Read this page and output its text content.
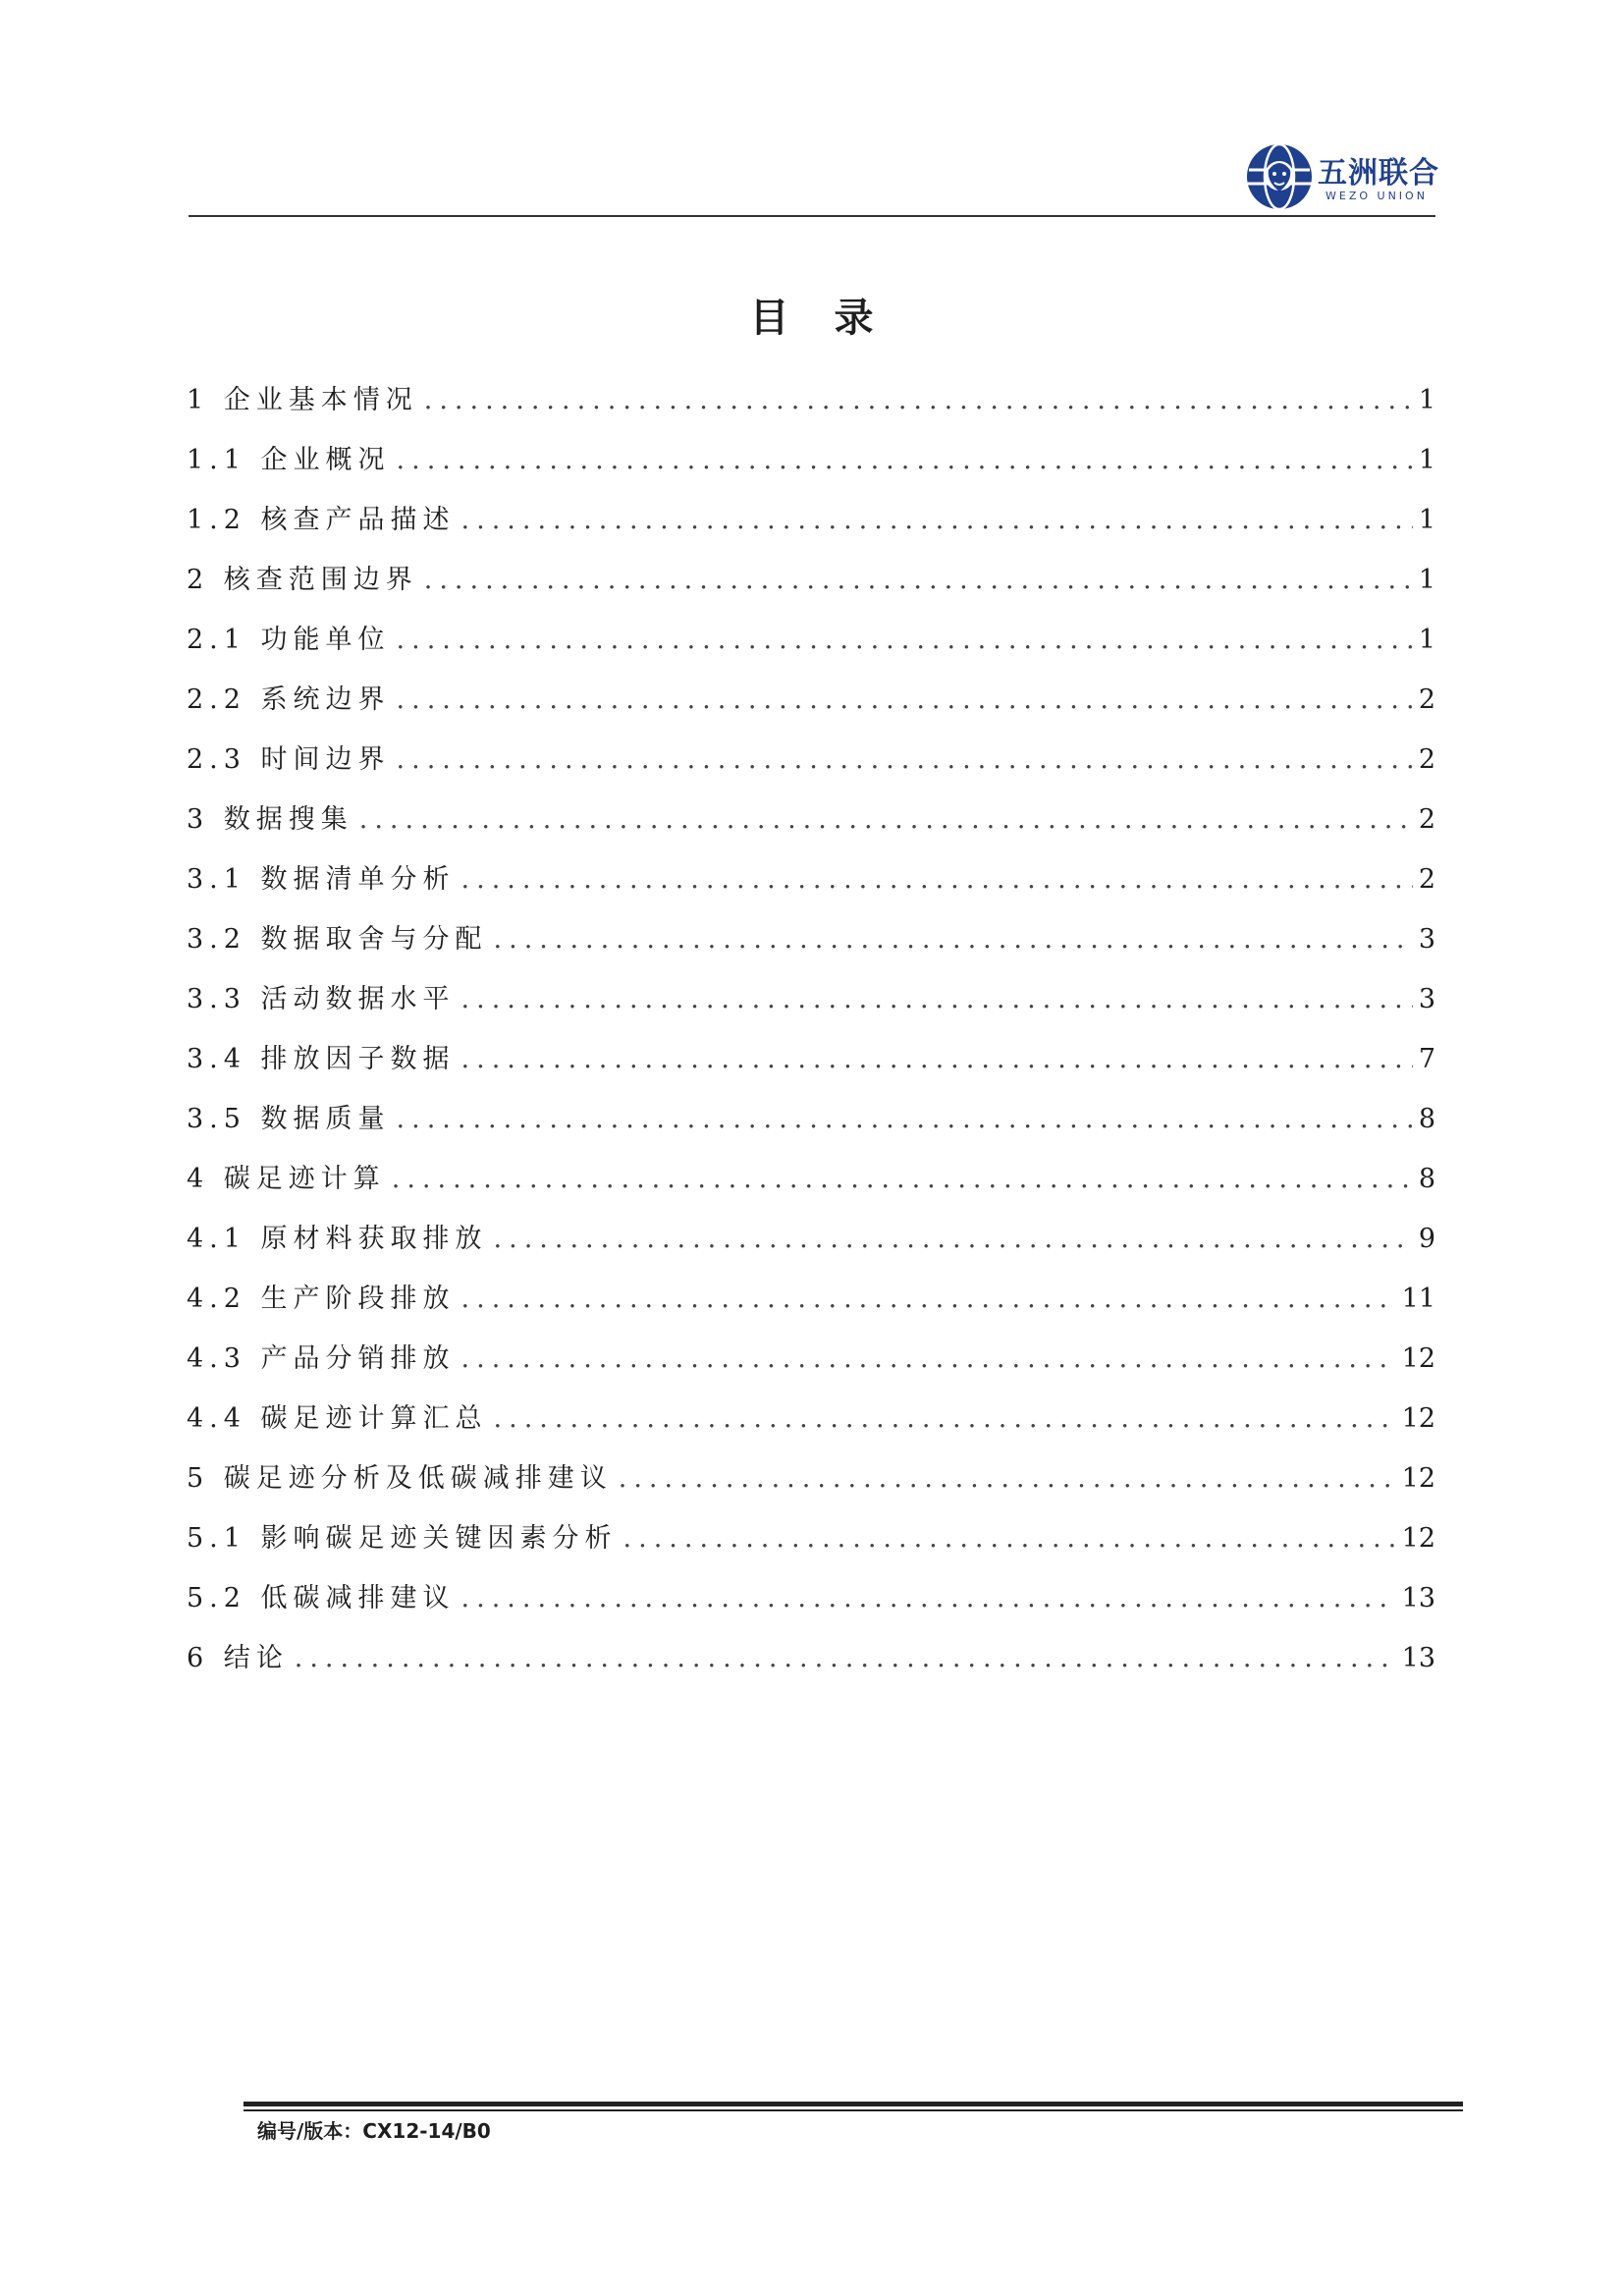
五洲联合
WEZO UNION
目录
1 企业基本情况 .....	1
1.1 企业概况 .....	1
1.2 核查产品描述 .....	1
2 核查范围边界 .....	1
2.1 功能单位 .....	1
2.2 系统边界 .....	2
2.3 时间边界 .....	2
3 数据搜集 .....	2
3.1 数据清单分析 .....	2
3.2 数据取舍与分配 .....	3
3.3 活动数据水平 .....	3
3.4 排放因子数据 .....	7
3.5 数据质量 .....	8
4 碳足迹计算 .....	8
4.1 原材料获取排放 .....	9
4.2 生产阶段排放 .....	11
4.3 产品分销排放 .....	12
4.4 碳足迹计算汇总 .....	12
5 碳足迹分析及低碳减排建议 .....	12
5.1 影响碳足迹关键因素分析 .....	12
5.2 低碳减排建议 .....	13
6 结论 .....	13
编号/版本：CX12-14/B0
